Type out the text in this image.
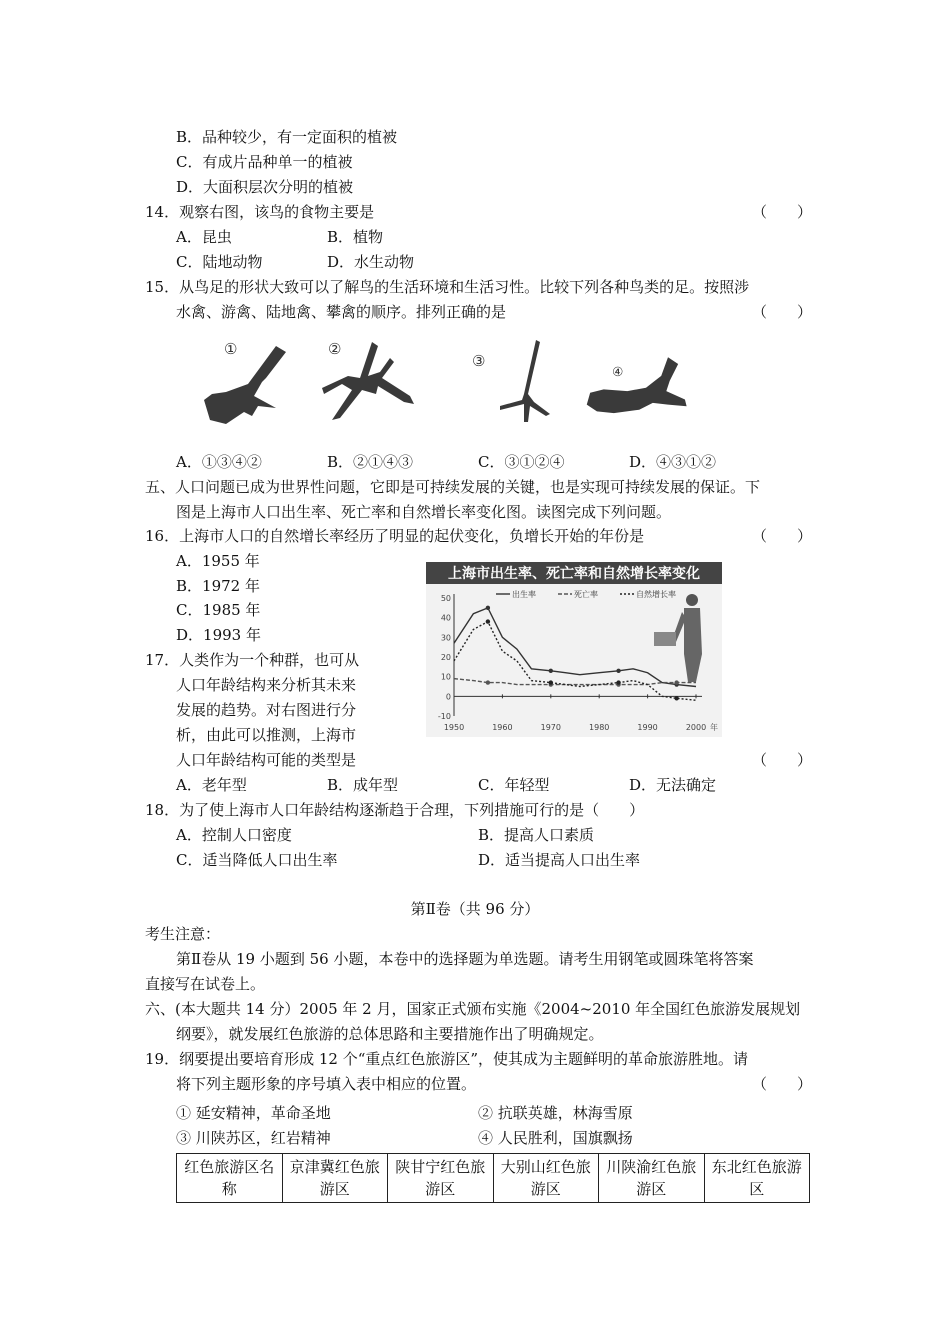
B．品种较少，有一定面积的植被
C．有成片品种单一的植被
D．大面积层次分明的植被
14．观察右图，该鸟的食物主要是	（　　）
A．昆虫	B．植物
C．陆地动物	D．水生动物
15．从鸟足的形状大致可以了解鸟的生活环境和生活习性。比较下列各种鸟类的足。按照涉
水禽、游禽、陆地禽、攀禽的顺序。排列正确的是	（　　）
①	②
③
④
A．①③④②	B．②①④③	C．③①②④	D．④③①②
五、人口问题已成为世界性问题，它即是可持续发展的关键，也是实现可持续发展的保证。下
图是上海市人口出生率、死亡率和自然增长率变化图。读图完成下列问题。
16．上海市人口的自然增长率经历了明显的起伏变化，负增长开始的年份是	（　　）
A．1955 年
B．1972 年
C．1985 年
D．1993 年
上海市出生率、死亡率和自然增长率变化
出生率	死亡率	自然增长率
-10
0
10
20
30
40
50
1950	1960	1970	1980	1990	2000 年
17．人类作为一个种群，也可从
人口年龄结构来分析其未来
发展的趋势。对右图进行分
析，由此可以推测，上海市
人口年龄结构可能的类型是	（　　）
A．老年型	B．成年型	C．年轻型	D．无法确定
18．为了使上海市人口年龄结构逐渐趋于合理，下列措施可行的是（　　）
A．控制人口密度	B．提高人口素质
C．适当降低人口出生率	D．适当提高人口出生率
第Ⅱ卷（共 96 分）
考生注意：
第Ⅱ卷从 19 小题到 56 小题，本卷中的选择题为单选题。请考生用钢笔或圆珠笔将答案
直接写在试卷上。
六、(本大题共 14 分）2005 年 2 月，国家正式颁布实施《2004~2010 年全国红色旅游发展规划
纲要》，就发展红色旅游的总体思路和主要措施作出了明确规定。
19．纲要提出要培育形成 12 个“重点红色旅游区”，使其成为主题鲜明的革命旅游胜地。请
将下列主题形象的序号填入表中相应的位置。	（　　）
① 延安精神，革命圣地	② 抗联英雄，林海雪原
③ 川陕苏区，红岩精神	④ 人民胜利，国旗飘扬
红色旅游区名称	京津冀红色旅游区	陕甘宁红色旅游区	大别山红色旅游区	川陕渝红色旅游区	东北红色旅游区
